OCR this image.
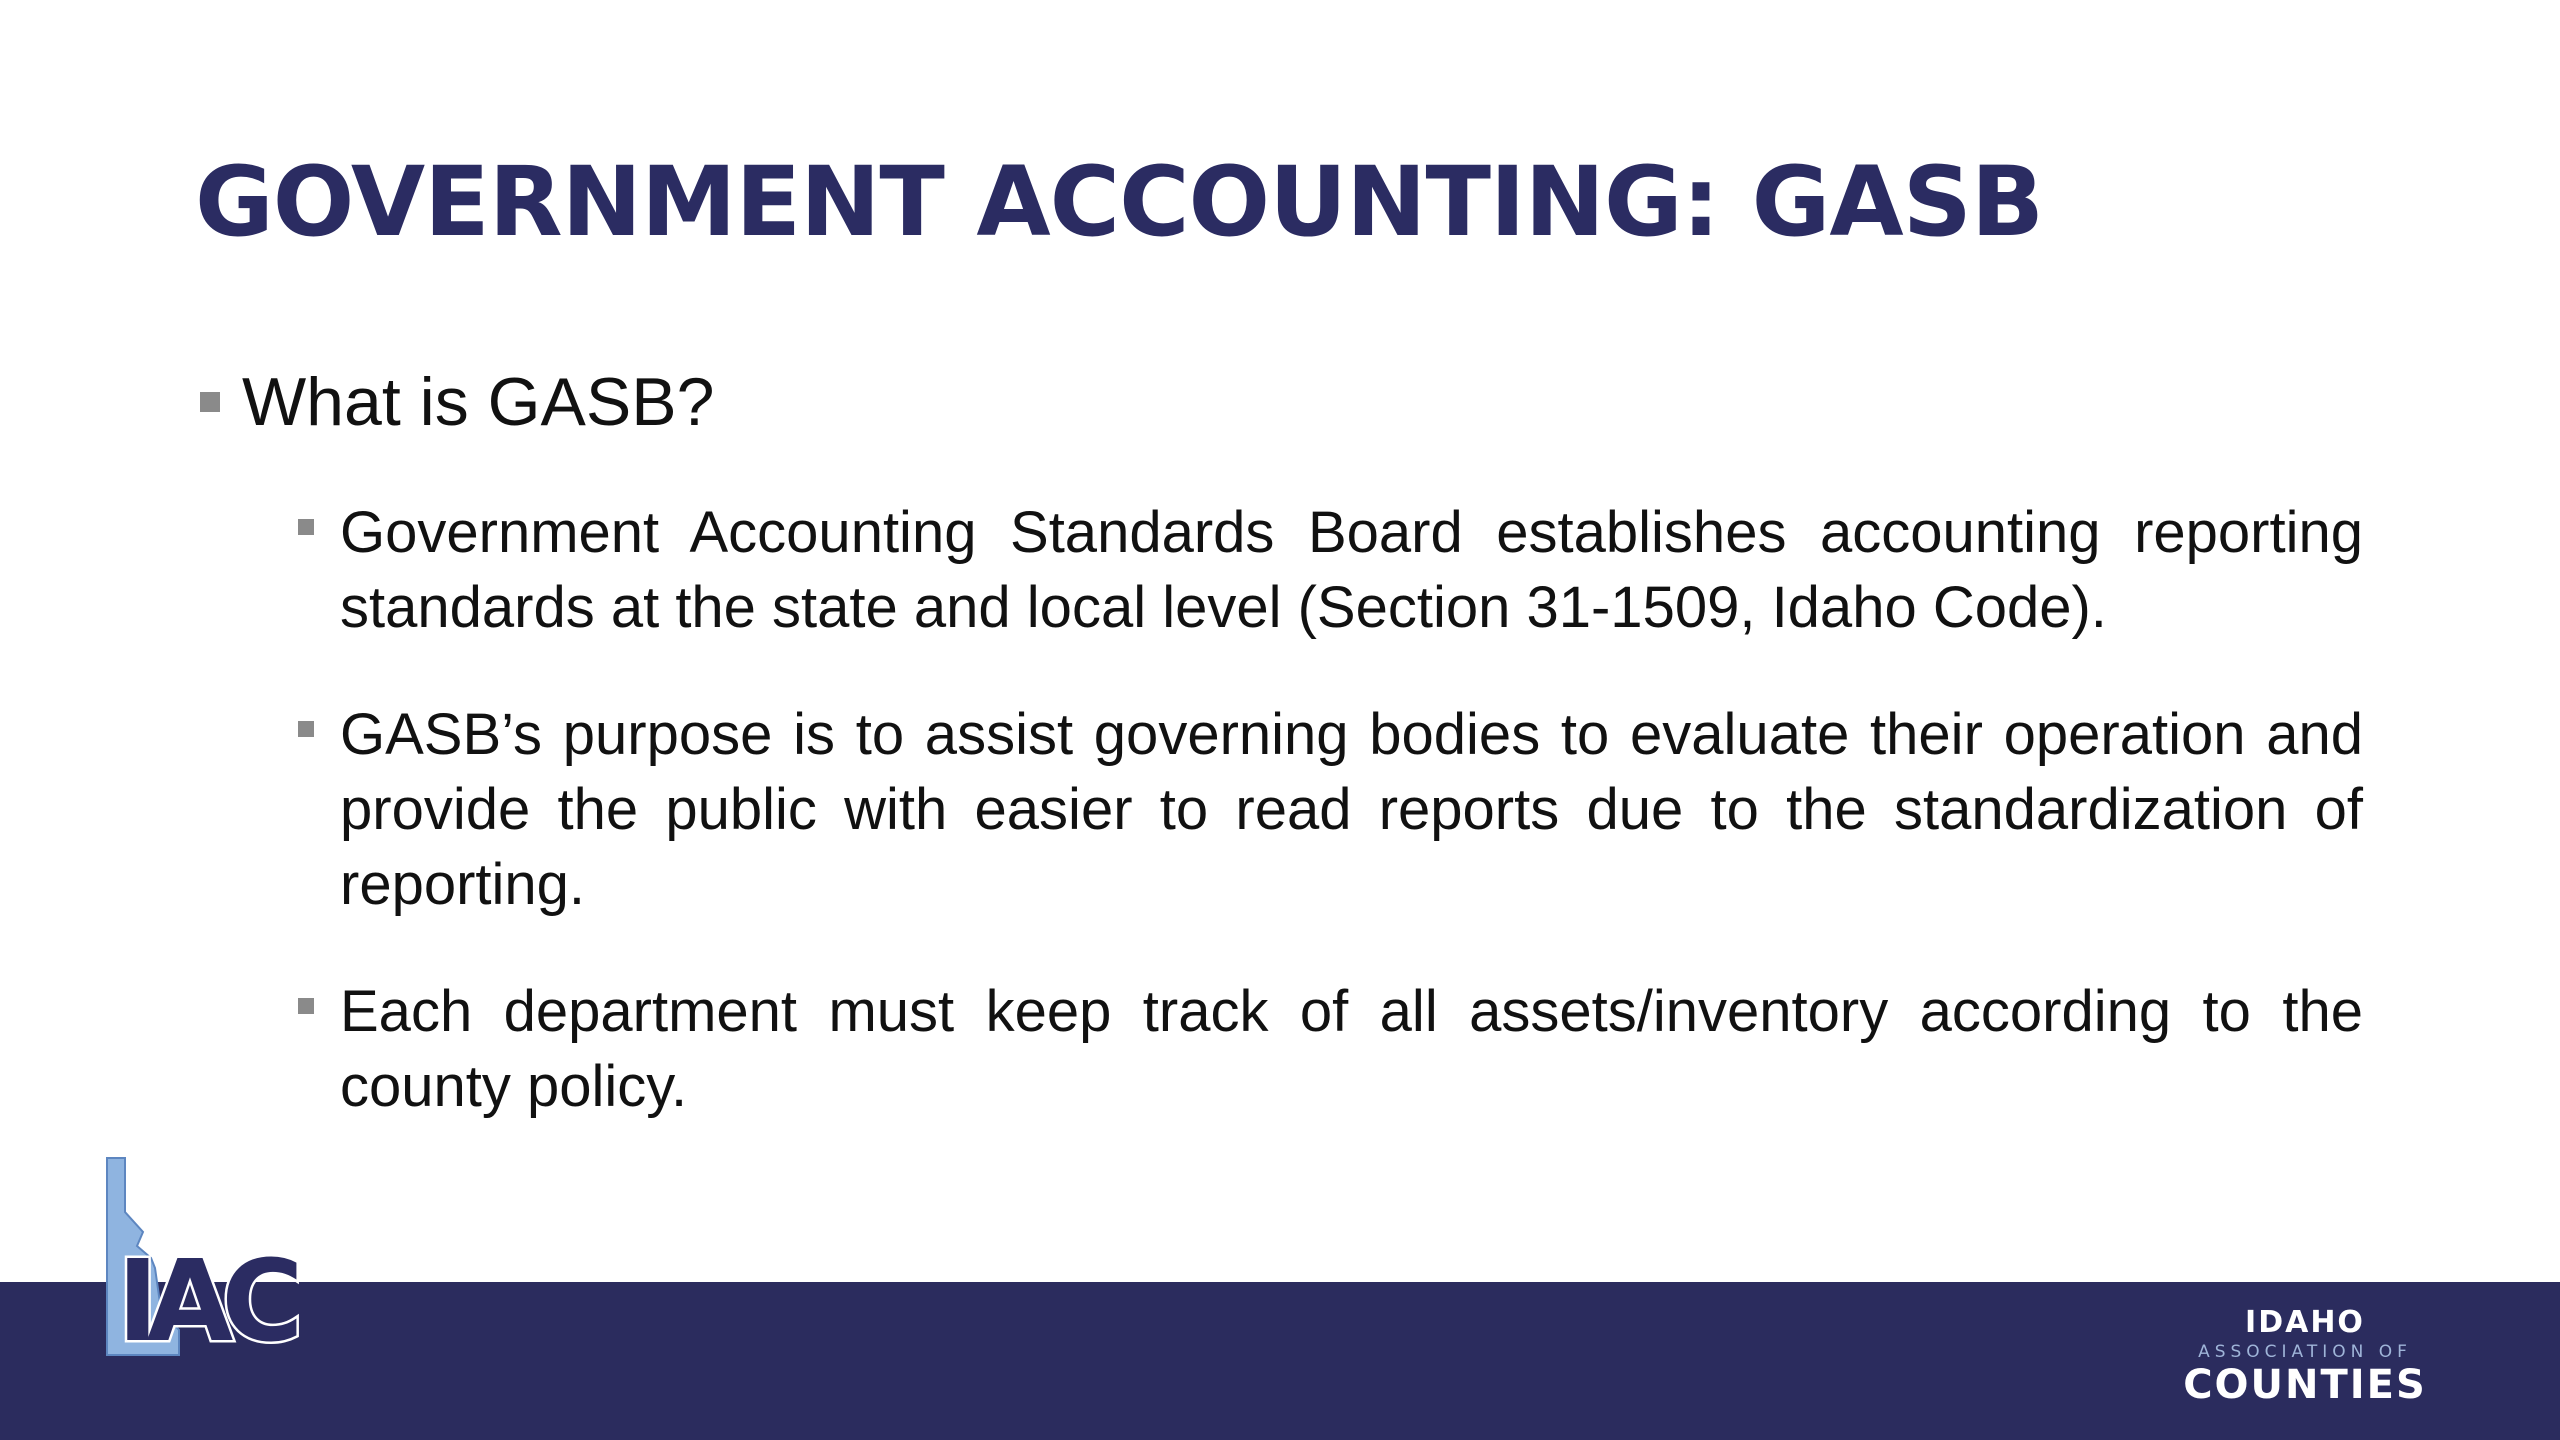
GOVERNMENT ACCOUNTING: GASB
What is GASB?
Government Accounting Standards Board establishes accounting reporting standards at the state and local level (Section 31-1509, Idaho Code).
GASB’s purpose is to assist governing bodies to evaluate their operation and provide the public with easier to read reports due to the standardization of reporting.
Each department must keep track of all assets/inventory according to the county policy.
IAC	IDAHO
ASSOCIATION OF
COUNTIES
